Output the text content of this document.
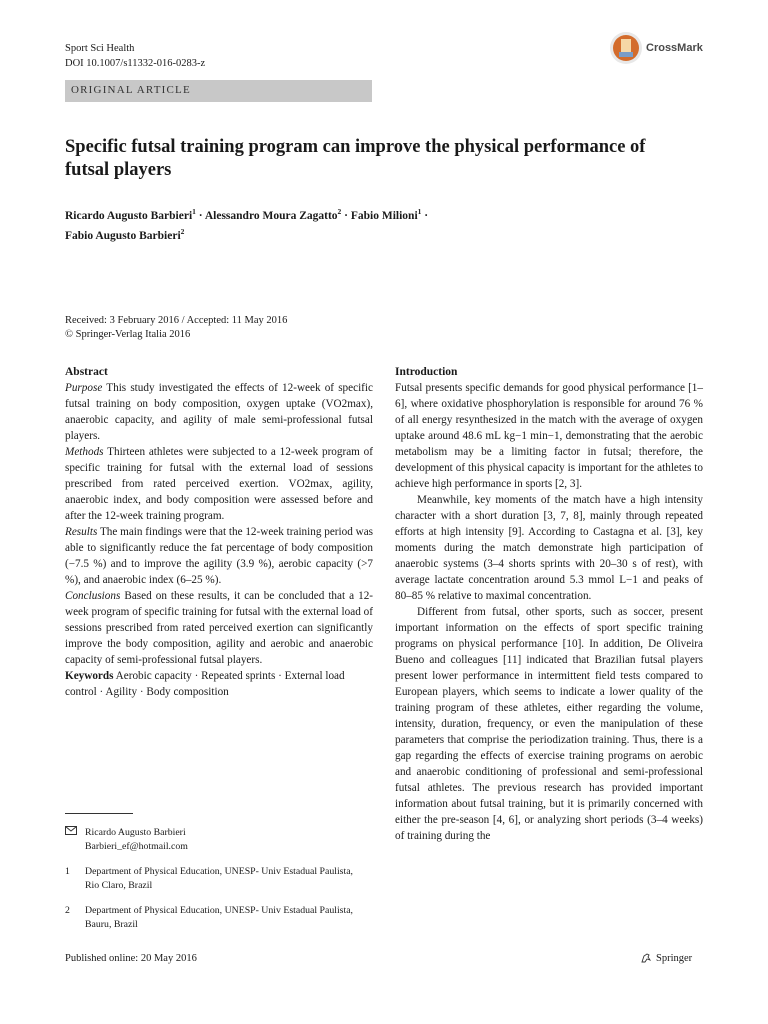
Sport Sci Health
DOI 10.1007/s11332-016-0283-z
CrossMark
ORIGINAL ARTICLE
Specific futsal training program can improve the physical performance of futsal players
Ricardo Augusto Barbieri$^1$ · Alessandro Moura Zagatto$^2$ · Fabio Milioni$^1$ ·
Fabio Augusto Barbieri$^2$
Received: 3 February 2016 / Accepted: 11 May 2016
© Springer-Verlag Italia 2016

Abstract

Purpose This study investigated the effects of 12-week of specific futsal training on body composition, oxygen uptake (VO2max), anaerobic capacity, and agility of male semi-professional futsal players.

Methods Thirteen athletes were subjected to a 12-week program of specific training for futsal with the external load of sessions prescribed from rated perceived exertion. VO2max, agility, anaerobic index, and body composition were assessed before and after the 12-week training program.

Results The main findings were that the 12-week training period was able to significantly reduce the fat percentage of body composition (−7.5 %) and to improve the agility (3.9 %), aerobic capacity (>7 %), and anaerobic index (6–25 %).

Conclusions Based on these results, it can be concluded that a 12-week program of specific training for futsal with the external load of sessions prescribed from rated perceived exertion can significantly improve the body composition, agility and aerobic and anaerobic capacity of semi-professional futsal players.

Keywords Aerobic capacity · Repeated sprints · External load control · Agility · Body composition

Ricardo Augusto Barbieri
Barbieri_ef@hotmail.com
1	Department of Physical Education, UNESP- Univ Estadual Paulista, Rio Claro, Brazil
2	Department of Physical Education, UNESP- Univ Estadual Paulista, Bauru, Brazil
Published online: 20 May 2016	Springer

Introduction

Futsal presents specific demands for good physical performance [1–6], where oxidative phosphorylation is responsible for around 76 % of all energy resynthesized in the match with the average of oxygen uptake around 48.6 mL kg−1 min−1, demonstrating that the aerobic metabolism may be a limiting factor in futsal; therefore, the development of this physical capacity is important for the athletes to achieve high performance in sports [2, 3].

Meanwhile, key moments of the match have a high intensity character with a short duration [3, 7, 8], mainly through repeated efforts at high intensity [9]. According to Castagna et al. [3], key moments during the match demonstrate high participation of anaerobic systems (3–4 shorts sprints with 20–30 s of rest), with average lactate concentration around 5.3 mmol L−1 and peaks of 80–85 % relative to maximal concentration.

Different from futsal, other sports, such as soccer, present important information on the effects of sport specific training programs on physical performance [10]. In addition, De Oliveira Bueno and colleagues [11] indicated that Brazilian futsal players present lower performance in intermittent field tests compared to European players, which seems to indicate a lower quality of the training program of these athletes, either regarding the volume, intensity, duration, frequency, or even the manipulation of these parameters that comprise the periodization training. Thus, there is a gap regarding the effects of exercise training programs on aerobic and anaerobic conditioning of professional and semi-professional futsal athletes. The previous research has provided important information about futsal training, but it is primarily concerned with either the pre-season [4, 6], or analyzing short periods (3–4 weeks) of training during the
